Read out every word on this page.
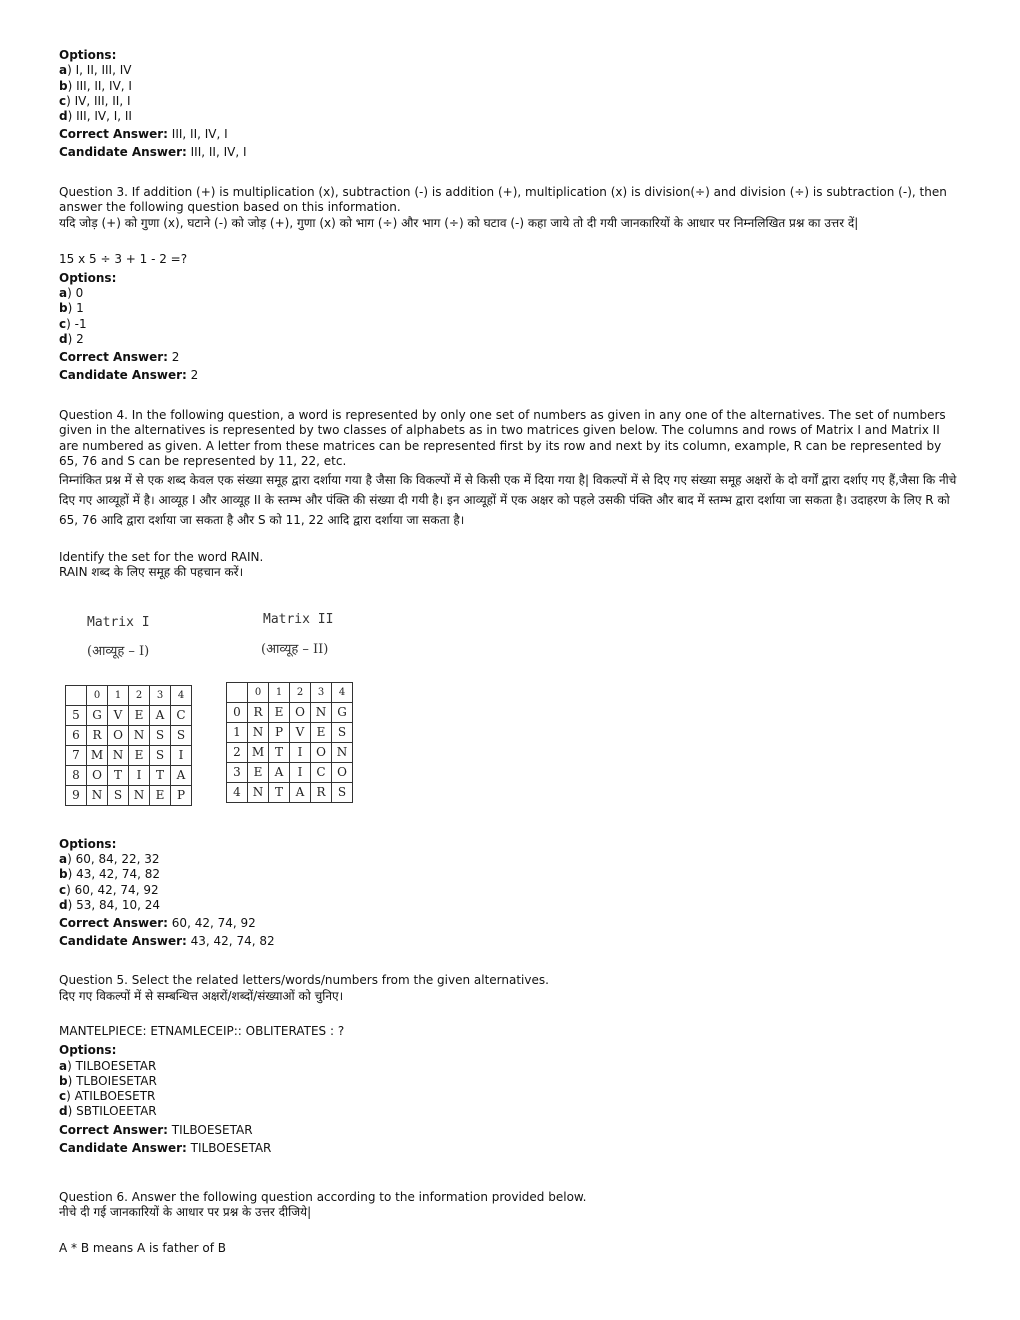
Options:
a) I, II, III, IV
b) III, II, IV, I
c) IV, III, II, I
d) III, IV, I, II
Correct Answer: III, II, IV, I
Candidate Answer: III, II, IV, I
Question 3. If addition (+) is multiplication (x), subtraction (-) is addition (+), multiplication (x) is division(÷) and division (÷) is subtraction (-), then answer the following question based on this information.
यदि जोड़ (+) को गुणा (x), घटाने (-) को जोड़ (+), गुणा (x) को भाग (÷) और भाग (÷) को घटाव (-) कहा जाये तो दी गयी जानकारियों के आधार पर निम्नलिखित प्रश्न का उत्तर दें|
15 x 5 ÷ 3 + 1 - 2 =?
Options:
a) 0
b) 1
c) -1
d) 2
Correct Answer: 2
Candidate Answer: 2
Question 4. In the following question, a word is represented by only one set of numbers as given in any one of the alternatives. The set of numbers given in the alternatives is represented by two classes of alphabets as in two matrices given below. The columns and rows of Matrix I and Matrix II are numbered as given. A letter from these matrices can be represented first by its row and next by its column, example, R can be represented by 65, 76 and S can be represented by 11, 22, etc.
निम्नांकित प्रश्न में से एक शब्द केवल एक संख्या समूह द्वारा दर्शाया गया है जैसा कि विकल्पों में से किसी एक में दिया गया है| विकल्पों में से दिए गए संख्या समूह अक्षरों के दो वर्गों द्वारा दर्शाए गए हैं,जैसा कि नीचे दिए गए आव्यूहों में है। आव्यूह I और आव्यूह II के स्तम्भ और पंक्ति की संख्या दी गयी है। इन आव्यूहों में एक अक्षर को पहले उसकी पंक्ति और बाद में स्तम्भ द्वारा दर्शाया जा सकता है। उदाहरण के लिए R को 65, 76 आदि द्वारा दर्शाया जा सकता है और S को 11, 22 आदि द्वारा दर्शाया जा सकता है।
Identify the set for the word RAIN.
RAIN शब्द के लिए समूह की पहचान करें।
Matrix I
(आव्यूह – I)
Matrix II
(आव्यूह – II)
	0	1	2	3	4
5	G	V	E	A	C
6	R	O	N	S	S
7	M	N	E	S	I
8	O	T	I	T	A
9	N	S	N	E	P
	0	1	2	3	4
0	R	E	O	N	G
1	N	P	V	E	S
2	M	T	I	O	N
3	E	A	I	C	O
4	N	T	A	R	S
Options:
a) 60, 84, 22, 32
b) 43, 42, 74, 82
c) 60, 42, 74, 92
d) 53, 84, 10, 24
Correct Answer: 60, 42, 74, 92
Candidate Answer: 43, 42, 74, 82
Question 5. Select the related letters/words/numbers from the given alternatives.
दिए गए विकल्पों में से सम्बन्धित्त अक्षरों/शब्दों/संख्याओं को चुनिए।
MANTELPIECE: ETNAMLECEIP:: OBLITERATES : ?
Options:
a) TILBOESETAR
b) TLBOIESETAR
c) ATILBOESETR
d) SBTILOEETAR
Correct Answer: TILBOESETAR
Candidate Answer: TILBOESETAR
Question 6. Answer the following question according to the information provided below.
नीचे दी गई जानकारियों के आधार पर प्रश्न के उत्तर दीजिये|
A * B means A is father of B
